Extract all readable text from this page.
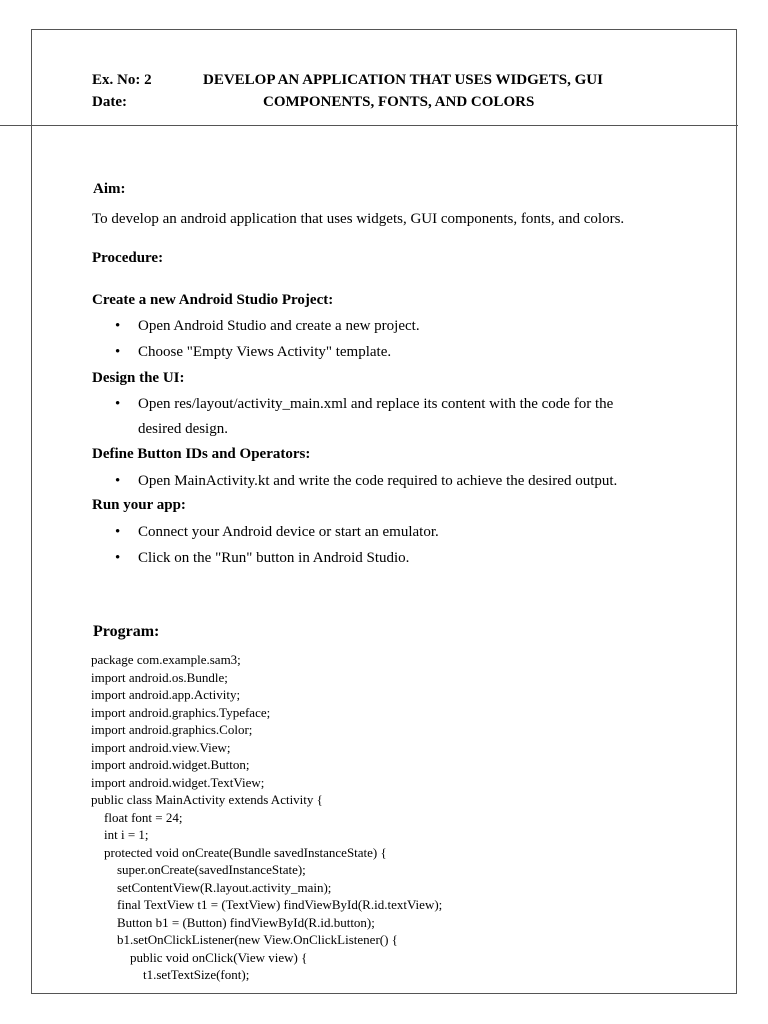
Ex. No: 2
Date:
DEVELOP AN APPLICATION THAT USES WIDGETS, GUI
COMPONENTS, FONTS, AND COLORS
Aim:
To develop an android application that uses widgets, GUI components, fonts, and colors.
Procedure:
Create a new Android Studio Project:
• Open Android Studio and create a new project.
• Choose "Empty Views Activity" template.
Design the UI:
• Open res/layout/activity_main.xml and replace its content with the code for the
desired design.
Define Button IDs and Operators:
• Open MainActivity.kt and write the code required to achieve the desired output.
Run your app:
• Connect your Android device or start an emulator.
• Click on the "Run" button in Android Studio.
Program:
package com.example.sam3;
import android.os.Bundle;
import android.app.Activity;
import android.graphics.Typeface;
import android.graphics.Color;
import android.view.View;
import android.widget.Button;
import android.widget.TextView;
public class MainActivity extends Activity {
float font = 24;
int i = 1;
protected void onCreate(Bundle savedInstanceState) {
super.onCreate(savedInstanceState);
setContentView(R.layout.activity_main);
final TextView t1 = (TextView) findViewById(R.id.textView);
Button b1 = (Button) findViewById(R.id.button);
b1.setOnClickListener(new View.OnClickListener() {
public void onClick(View view) {
t1.setTextSize(font);
